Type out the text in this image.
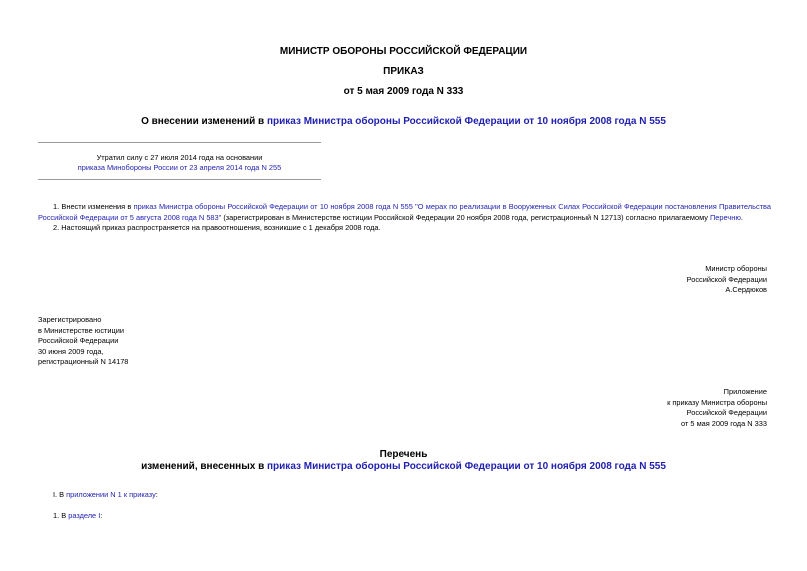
МИНИСТР ОБОРОНЫ РОССИЙСКОЙ ФЕДЕРАЦИИ
ПРИКАЗ
от 5 мая 2009 года N 333
О внесении изменений в приказ Министра обороны Российской Федерации от 10 ноября 2008 года N 555
Утратил силу с 27 июля 2014 года на основании
приказа Минобороны России от 23 апреля 2014 года N 255
1. Внести изменения в приказ Министра обороны Российской Федерации от 10 ноября 2008 года N 555 "О мерах по реализации в Вооруженных Силах Российской Федерации постановления Правительства Российской Федерации от 5 августа 2008 года N 583" (зарегистрирован в Министерстве юстиции Российской Федерации 20 ноября 2008 года, регистрационный N 12713) согласно прилагаемому Перечню.
2. Настоящий приказ распространяется на правоотношения, возникшие с 1 декабря 2008 года.
Министр обороны
Российской Федерации
А.Сердюков
Зарегистрировано
в Министерстве юстиции
Российской Федерации
30 июня 2009 года,
регистрационный N 14178
Приложение
к приказу Министра обороны
Российской Федерации
от 5 мая 2009 года N 333
Перечень
изменений, внесенных в приказ Министра обороны Российской Федерации от 10 ноября 2008 года N 555
I. В приложении N 1 к приказу:
1. В разделе I:
